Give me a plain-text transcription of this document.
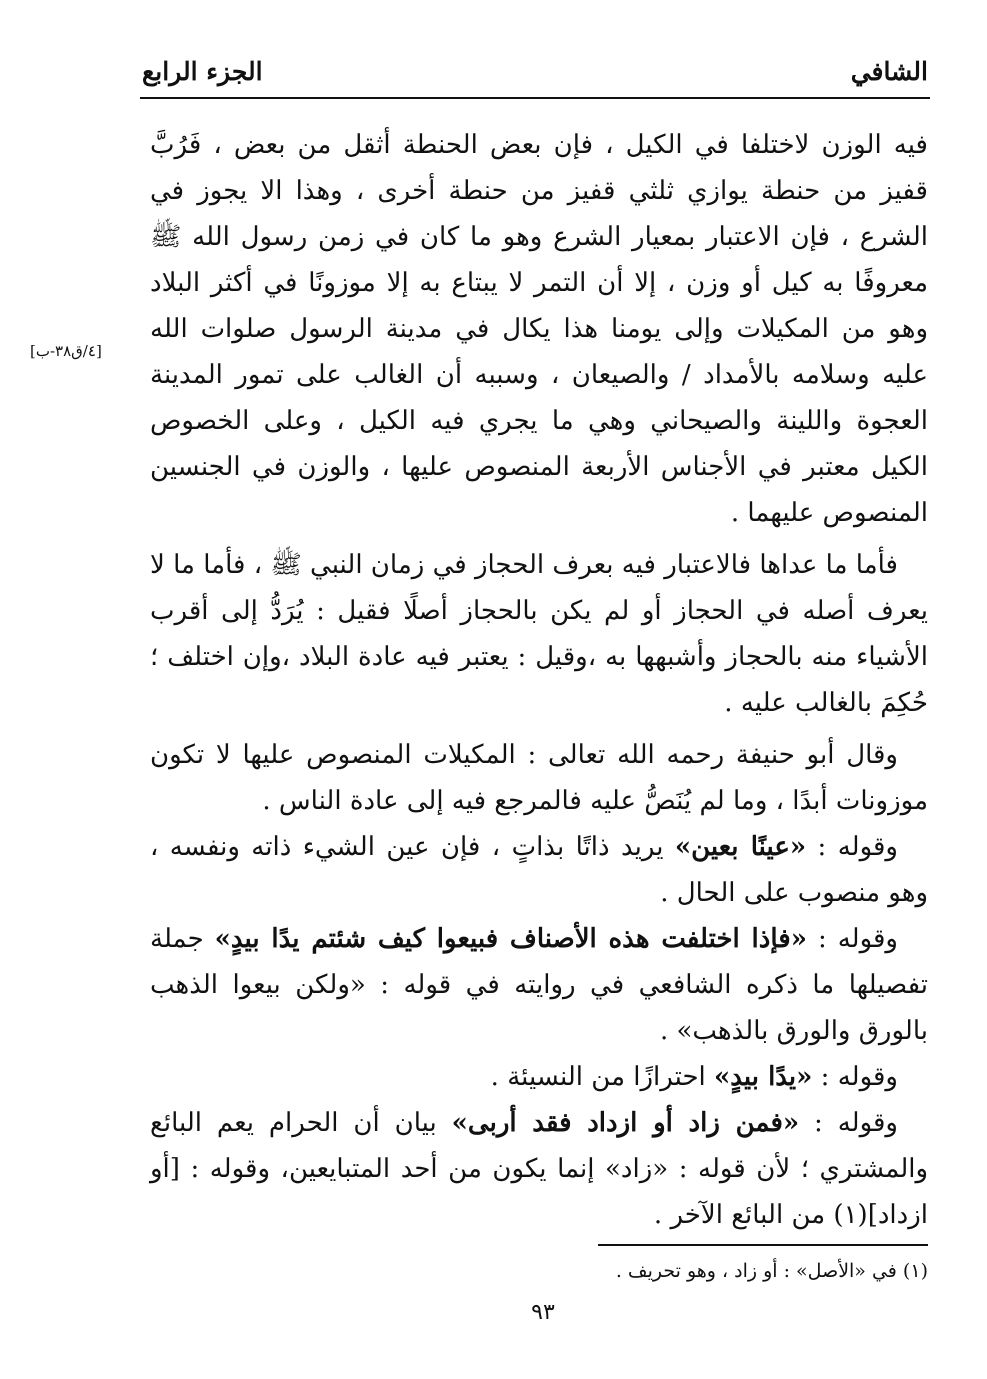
الشافي
الجزء الرابع
[٤/ق٣٨-ب]

فيه الوزن لاختلفا في الكيل ، فإن بعض الحنطة أثقل من بعض ، فَرُبَّ قفيز من حنطة يوازي ثلثي قفيز من حنطة أخرى ، وهذا الا يجوز في الشرع ، فإن الاعتبار بمعيار الشرع وهو ما كان في زمن رسول الله ﷺ معروفًا به كيل أو وزن ، إلا أن التمر لا يبتاع به إلا موزونًا في أكثر البلاد وهو من المكيلات وإلى يومنا هذا يكال في مدينة الرسول صلوات الله عليه وسلامه بالأمداد / والصيعان ، وسببه أن الغالب على تمور المدينة العجوة واللينة والصيحاني وهي ما يجري فيه الكيل ، وعلى الخصوص الكيل معتبر في الأجناس الأربعة المنصوص عليها ، والوزن في الجنسين المنصوص عليهما .

فأما ما عداها فالاعتبار فيه بعرف الحجاز في زمان النبي ﷺ ، فأما ما لا يعرف أصله في الحجاز أو لم يكن بالحجاز أصلًا فقيل : يُرَدُّ إلى أقرب الأشياء منه بالحجاز وأشبهها به ،وقيل : يعتبر فيه عادة البلاد ،وإن اختلف ؛ حُكِمَ بالغالب عليه .

وقال أبو حنيفة رحمه الله تعالى : المكيلات المنصوص عليها لا تكون موزونات أبدًا ، وما لم يُنَصُّ عليه فالمرجع فيه إلى عادة الناس .

وقوله : «عينًا بعين» يريد ذاتًا بذاتٍ ، فإن عين الشيء ذاته ونفسه ، وهو منصوب على الحال .

وقوله : «فإذا اختلفت هذه الأصناف فبيعوا كيف شئتم يدًا بيدٍ» جملة تفصيلها ما ذكره الشافعي في روايته في قوله : «ولكن بيعوا الذهب بالورق والورق بالذهب» .

وقوله : «يدًا بيدٍ» احترازًا من النسيئة .

وقوله : «فمن زاد أو ازداد فقد أربى» بيان أن الحرام يعم البائع والمشتري ؛ لأن قوله : «زاد» إنما يكون من أحد المتبايعين، وقوله : [أو ازداد](١) من البائع الآخر .

(١) في «الأصل» : أو زاد ، وهو تحريف .
٩٣
